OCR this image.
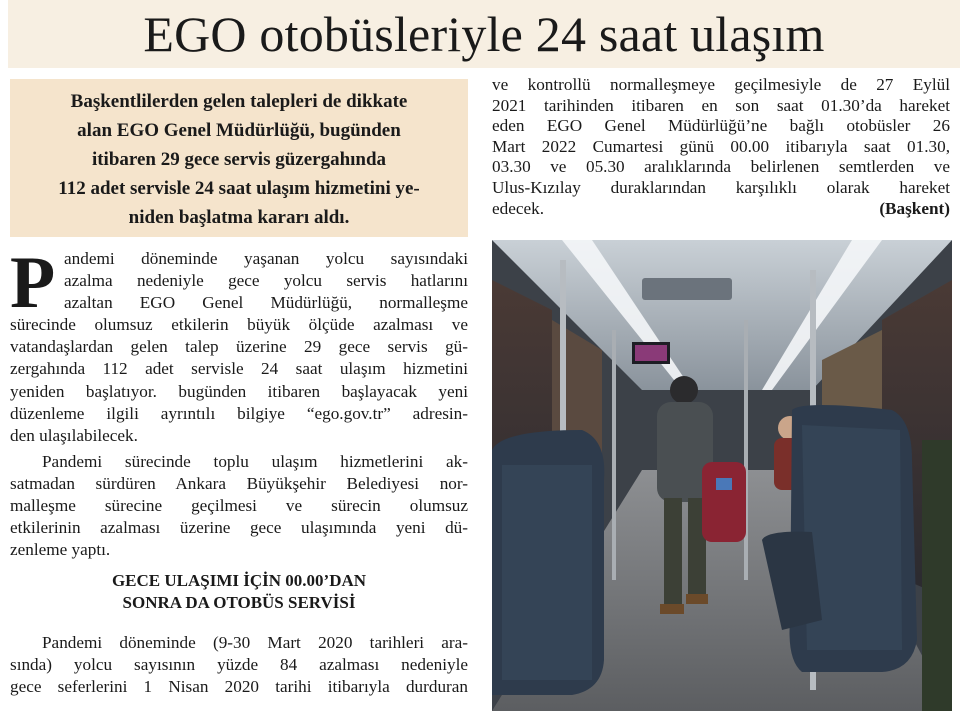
EGO otobüsleriyle 24 saat ulaşım
Başkentlilerden gelen talepleri de dikkate
alan EGO Genel Müdürlüğü, bugünden
itibaren 29 gece servis güzergahında
112 adet servisle 24 saat ulaşım hizmetini ye-
niden başlatma kararı aldı.
P andemi döneminde yaşanan yolcu sayısındaki
azalma nedeniyle gece yolcu servis hatlarını
azaltan EGO Genel Müdürlüğü, normalleşme
sürecinde olumsuz etkilerin büyük ölçüde azalması ve
vatandaşlardan gelen talep üzerine 29 gece servis gü-
zergahında 112 adet servisle 24 saat ulaşım hizmetini
yeniden başlatıyor. bugünden itibaren başlayacak yeni
düzenleme ilgili ayrıntılı bilgiye “ego.gov.tr” adresin-
den ulaşılabilecek.
Pandemi sürecinde toplu ulaşım hizmetlerini ak-
satmadan sürdüren Ankara Büyükşehir Belediyesi nor-
malleşme sürecine geçilmesi ve sürecin olumsuz
etkilerinin azalması üzerine gece ulaşımında yeni dü-
zenleme yaptı.
GECE ULAŞIMI İÇİN 00.00’DAN
SONRA DA OTOBÜS SERVİSİ
Pandemi döneminde (9-30 Mart 2020 tarihleri ara-
sında) yolcu sayısının yüzde 84 azalması nedeniyle
gece seferlerini 1 Nisan 2020 tarihi itibarıyla durduran
ve kontrollü normalleşmeye geçilmesiyle de 27 Eylül
2021 tarihinden itibaren en son saat 01.30’da hareket
eden EGO Genel Müdürlüğü’ne bağlı otobüsler 26
Mart 2022 Cumartesi günü 00.00 itibarıyla saat 01.30,
03.30 ve 05.30 aralıklarında belirlenen semtlerden ve
Ulus-Kızılay duraklarından karşılıklı olarak hareket
edecek.	(Başkent)
